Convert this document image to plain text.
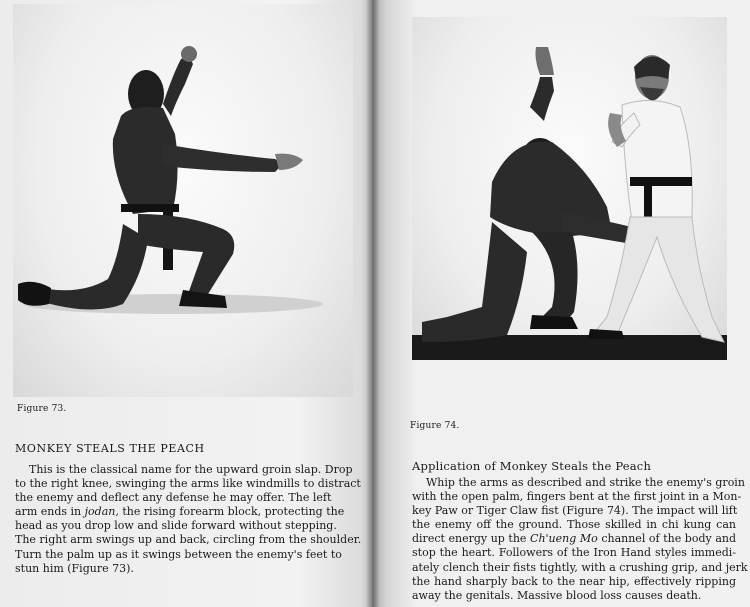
Figure 73.
MONKEY STEALS THE PEACH
This is the classical name for the upward groin slap. Drop
to the right knee, swinging the arms like windmills to distract
the enemy and deflect any defense he may offer. The left
arm ends in jodan, the rising forearm block, protecting the
head as you drop low and slide forward without stepping.
The right arm swings up and back, circling from the shoulder.
Turn the palm up as it swings between the enemy's feet to
stun him (Figure 73).
Figure 74.
Application of Monkey Steals the Peach
Whip the arms as described and strike the enemy's groin
with the open palm, fingers bent at the first joint in a Mon-
key Paw or Tiger Claw fist (Figure 74). The impact will lift
the enemy off the ground. Those skilled in chi kung can
direct energy up the Ch'ueng Mo channel of the body and
stop the heart. Followers of the Iron Hand styles immedi-
ately clench their fists tightly, with a crushing grip, and jerk
the hand sharply back to the near hip, effectively ripping
away the genitals. Massive blood loss causes death.
